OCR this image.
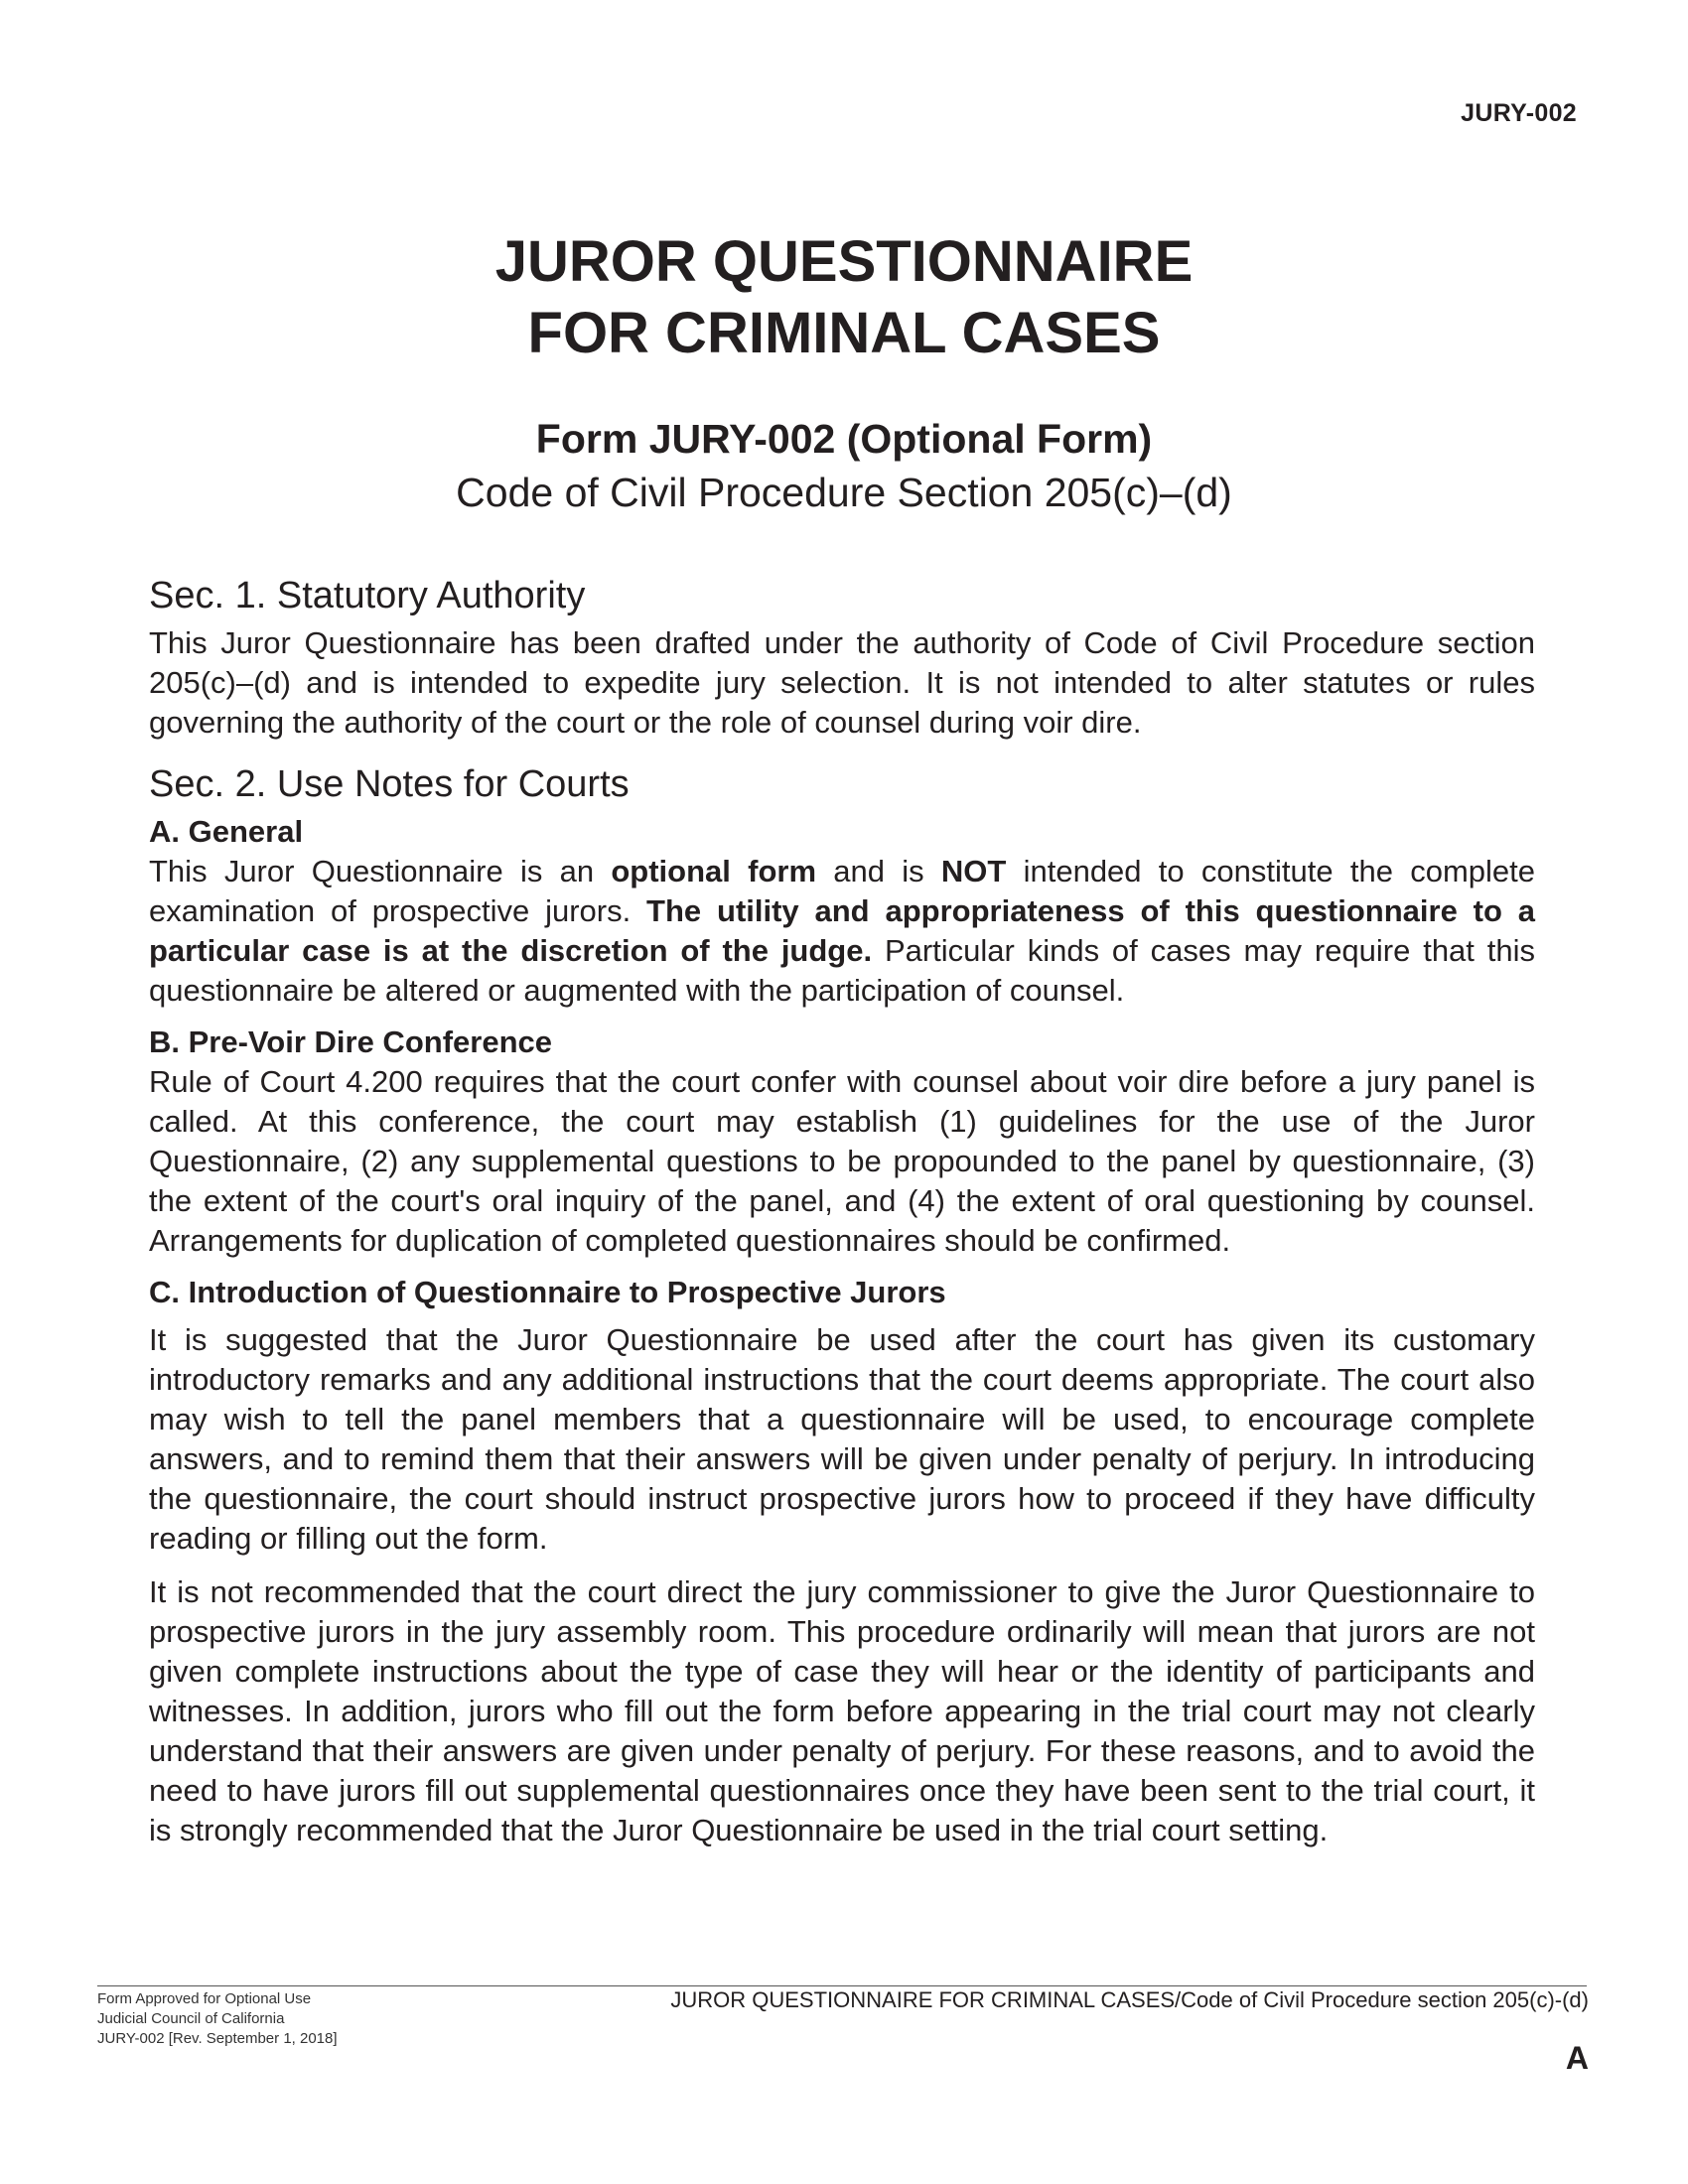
JURY-002
JUROR QUESTIONNAIRE
FOR CRIMINAL CASES
Form JURY-002 (Optional Form)
Code of Civil Procedure Section 205(c)–(d)
Sec. 1. Statutory Authority

This Juror Questionnaire has been drafted under the authority of Code of Civil Procedure section 205(c)–(d) and is intended to expedite jury selection. It is not intended to alter statutes or rules governing the authority of the court or the role of counsel during voir dire.

Sec. 2. Use Notes for Courts
A. General

This Juror Questionnaire is an optional form and is NOT intended to constitute the complete examination of prospective jurors. The utility and appropriateness of this questionnaire to a particular case is at the discretion of the judge. Particular kinds of cases may require that this questionnaire be altered or augmented with the participation of counsel.

B. Pre-Voir Dire Conference

Rule of Court 4.200 requires that the court confer with counsel about voir dire before a jury panel is called. At this conference, the court may establish (1) guidelines for the use of the Juror Questionnaire, (2) any supplemental questions to be propounded to the panel by questionnaire, (3) the extent of the court's oral inquiry of the panel, and (4) the extent of oral questioning by counsel. Arrangements for duplication of completed questionnaires should be confirmed.

C. Introduction of Questionnaire to Prospective Jurors

It is suggested that the Juror Questionnaire be used after the court has given its customary introductory remarks and any additional instructions that the court deems appropriate. The court also may wish to tell the panel members that a questionnaire will be used, to encourage complete answers, and to remind them that their answers will be given under penalty of perjury. In introducing the questionnaire, the court should instruct prospective jurors how to proceed if they have difficulty reading or filling out the form.

It is not recommended that the court direct the jury commissioner to give the Juror Questionnaire to prospective jurors in the jury assembly room. This procedure ordinarily will mean that jurors are not given complete instructions about the type of case they will hear or the identity of participants and witnesses. In addition, jurors who fill out the form before appearing in the trial court may not clearly understand that their answers are given under penalty of perjury. For these reasons, and to avoid the need to have jurors fill out supplemental questionnaires once they have been sent to the trial court, it is strongly recommended that the Juror Questionnaire be used in the trial court setting.

Form Approved for Optional Use
Judicial Council of California
JURY-002 [Rev. September 1, 2018]
JUROR QUESTIONNAIRE FOR CRIMINAL CASES/Code of Civil Procedure section 205(c)-(d)
A
